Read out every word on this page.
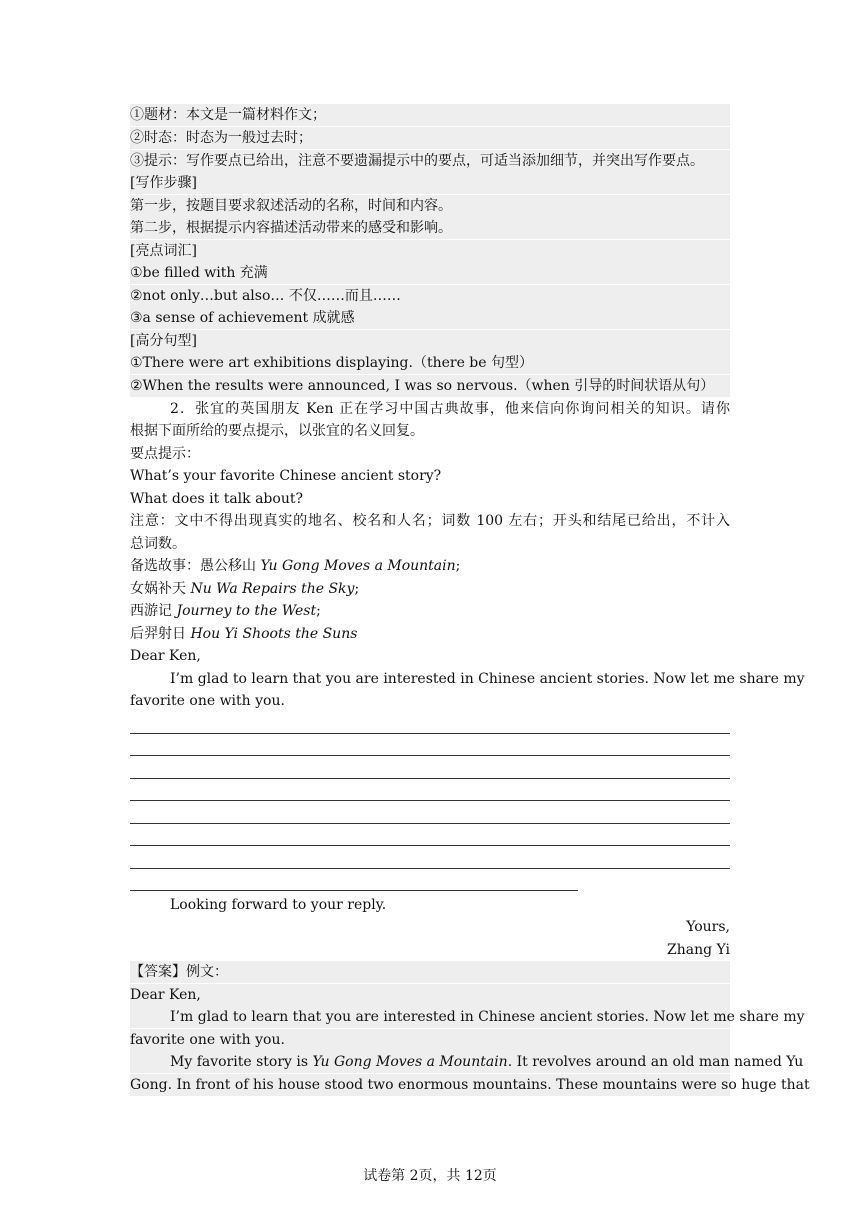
①题材：本文是一篇材料作文；
②时态：时态为一般过去时；
③提示：写作要点已给出，注意不要遗漏提示中的要点，可适当添加细节，并突出写作要点。
[写作步骤]
第一步，按题目要求叙述活动的名称，时间和内容。
第二步，根据提示内容描述活动带来的感受和影响。
[亮点词汇]
①be filled with 充满
②not only…but also… 不仅……而且……
③a sense of achievement 成就感
[高分句型]
①There were art exhibitions displaying.（there be 句型）
②When the results were announced, I was so nervous.（when 引导的时间状语从句）
2．张宜的英国朋友 Ken 正在学习中国古典故事，他来信向你询问相关的知识。请你
根据下面所给的要点提示，以张宜的名义回复。
要点提示：
What’s your favorite Chinese ancient story?
What does it talk about?
注意：文中不得出现真实的地名、校名和人名；词数 100 左右；开头和结尾已给出，不计入
总词数。
备选故事：愚公移山 Yu Gong Moves a Mountain;
女娲补天 Nu Wa Repairs the Sky;
西游记 Journey to the West;
后羿射日 Hou Yi Shoots the Suns
Dear Ken,
I’m glad to learn that you are interested in Chinese ancient stories. Now let me share my
favorite one with you.
Looking forward to your reply.
Yours,
Zhang Yi
【答案】例文：
Dear Ken,
I’m glad to learn that you are interested in Chinese ancient stories. Now let me share my
favorite one with you.
My favorite story is Yu Gong Moves a Mountain. It revolves around an old man named Yu
Gong. In front of his house stood two enormous mountains. These mountains were so huge that
试卷第 2页，共 12页
